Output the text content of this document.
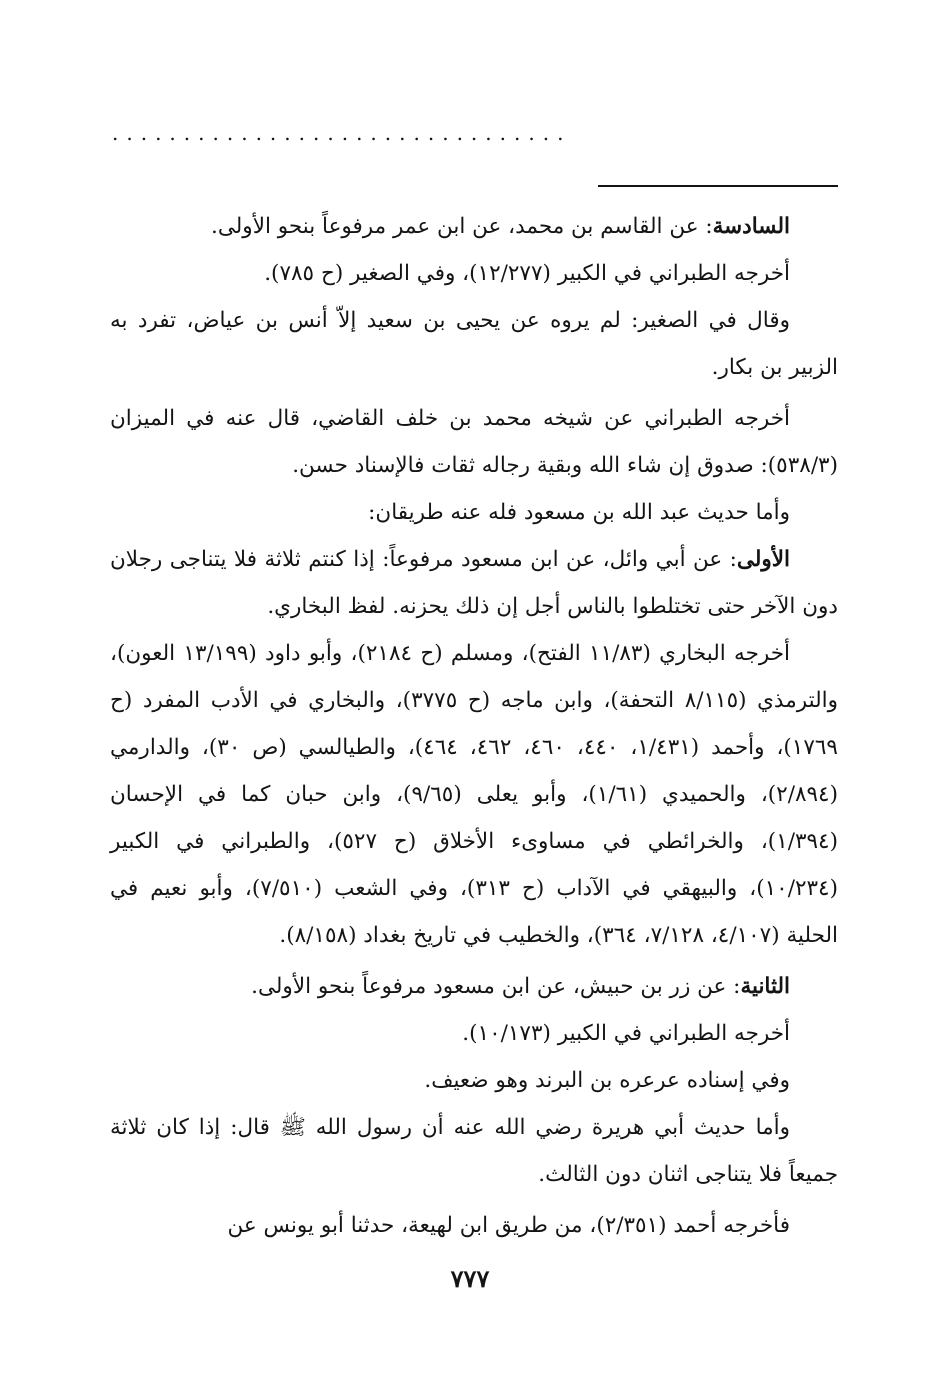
................................

السادسة: عن القاسم بن محمد، عن ابن عمر مرفوعاً بنحو الأولى.

أخرجه الطبراني في الكبير (١٢/٢٧٧)، وفي الصغير (ح ٧٨٥).

وقال في الصغير: لم يروه عن يحيى بن سعيد إلاّ أنس بن عياض، تفرد به الزبير بن بكار.

أخرجه الطبراني عن شيخه محمد بن خلف القاضي، قال عنه في الميزان (٥٣٨/٣): صدوق إن شاء الله وبقية رجاله ثقات فالإسناد حسن.

وأما حديث عبد الله بن مسعود فله عنه طريقان:

الأولى: عن أبي وائل، عن ابن مسعود مرفوعاً: إذا كنتم ثلاثة فلا يتناجى رجلان دون الآخر حتى تختلطوا بالناس أجل إن ذلك يحزنه. لفظ البخاري.

أخرجه البخاري (١١/٨٣ الفتح)، ومسلم (ح ٢١٨٤)، وأبو داود (١٣/١٩٩ العون)، والترمذي (٨/١١٥ التحفة)، وابن ماجه (ح ٣٧٧٥)، والبخاري في الأدب المفرد (ح ١٧٦٩)، وأحمد (١/٤٣١، ٤٤٠، ٤٦٠، ٤٦٢، ٤٦٤)، والطيالسي (ص ٣٠)، والدارمي (٢/٨٩٤)، والحميدي (١/٦١)، وأبو يعلى (٩/٦٥)، وابن حبان كما في الإحسان (١/٣٩٤)، والخرائطي في مساوىء الأخلاق (ح ٥٢٧)، والطبراني في الكبير (١٠/٢٣٤)، والبيهقي في الآداب (ح ٣١٣)، وفي الشعب (٧/٥١٠)، وأبو نعيم في الحلية (٤/١٠٧، ٧/١٢٨، ٣٦٤)، والخطيب في تاريخ بغداد (٨/١٥٨).

الثانية: عن زر بن حبيش، عن ابن مسعود مرفوعاً بنحو الأولى.

أخرجه الطبراني في الكبير (١٠/١٧٣).

وفي إسناده عرعره بن البرند وهو ضعيف.

وأما حديث أبي هريرة رضي الله عنه أن رسول الله ﷺ قال: إذا كان ثلاثة جميعاً فلا يتناجى اثنان دون الثالث.

فأخرجه أحمد (٢/٣٥١)، من طريق ابن لهيعة، حدثنا أبو يونس عن

٧٧٧
